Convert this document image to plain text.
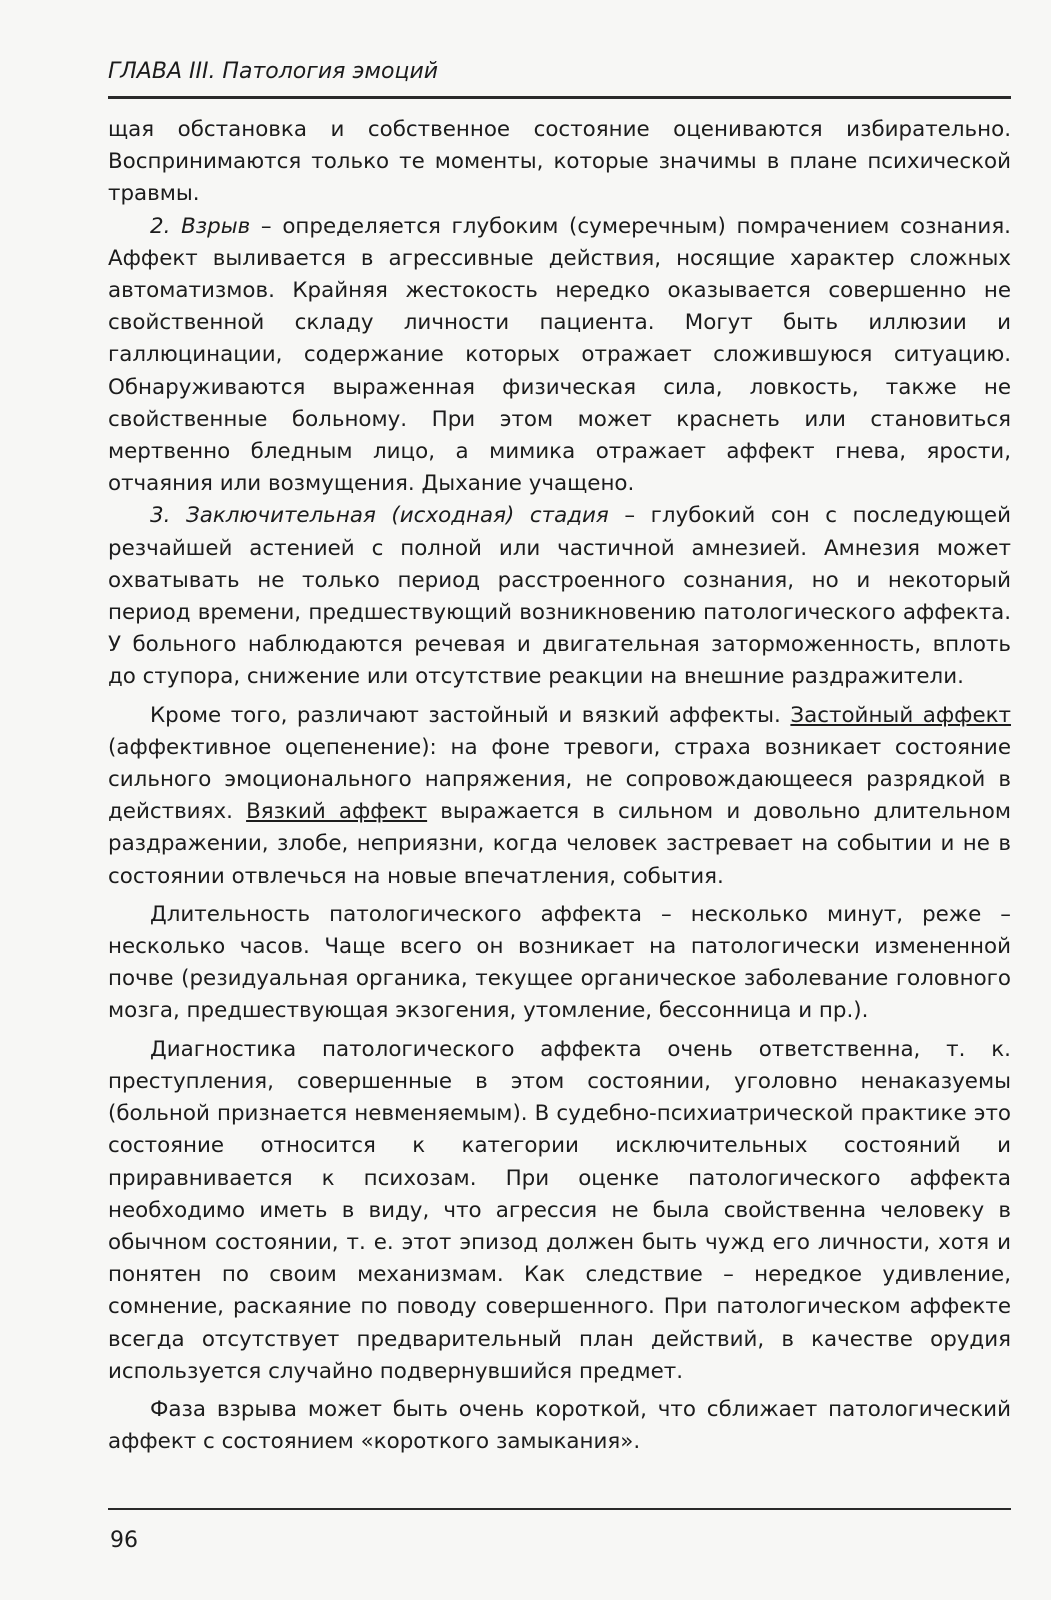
ГЛАВА III. Патология эмоций

щая обстановка и собственное состояние оцениваются избирательно. Воспринимаются только те моменты, которые значимы в плане психической травмы.

2. Взрыв – определяется глубоким (сумеречным) помрачением сознания. Аффект выливается в агрессивные действия, носящие характер сложных автоматизмов. Крайняя жестокость нередко оказывается совершенно не свойственной складу личности пациента. Могут быть иллюзии и галлюцинации, содержание которых отражает сложившуюся ситуацию. Обнаруживаются выраженная физическая сила, ловкость, также не свойственные больному. При этом может краснеть или становиться мертвенно бледным лицо, а мимика отражает аффект гнева, ярости, отчаяния или возмущения. Дыхание учащено.

3. Заключительная (исходная) стадия – глубокий сон с последующей резчайшей астенией с полной или частичной амнезией. Амнезия может охватывать не только период расстроенного сознания, но и некоторый период времени, предшествующий возникновению патологического аффекта. У больного наблюдаются речевая и двигательная заторможенность, вплоть до ступора, снижение или отсутствие реакции на внешние раздражители.

Кроме того, различают застойный и вязкий аффекты. Застойный аффект (аффективное оцепенение): на фоне тревоги, страха возникает состояние сильного эмоционального напряжения, не сопровождающееся разрядкой в действиях. Вязкий аффект выражается в сильном и довольно длительном раздражении, злобе, неприязни, когда человек застревает на событии и не в состоянии отвлечься на новые впечатления, события.

Длительность патологического аффекта – несколько минут, реже – несколько часов. Чаще всего он возникает на патологически измененной почве (резидуальная органика, текущее органическое заболевание головного мозга, предшествующая экзогения, утомление, бессонница и пр.).

Диагностика патологического аффекта очень ответственна, т. к. преступления, совершенные в этом состоянии, уголовно ненаказуемы (больной признается невменяемым). В судебно-психиатрической практике это состояние относится к категории исключительных состояний и приравнивается к психозам. При оценке патологического аффекта необходимо иметь в виду, что агрессия не была свойственна человеку в обычном состоянии, т. е. этот эпизод должен быть чужд его личности, хотя и понятен по своим механизмам. Как следствие – нередкое удивление, сомнение, раскаяние по поводу совершенного. При патологическом аффекте всегда отсутствует предварительный план действий, в качестве орудия используется случайно подвернувшийся предмет.

Фаза взрыва может быть очень короткой, что сближает патологический аффект с состоянием «короткого замыкания».

96
